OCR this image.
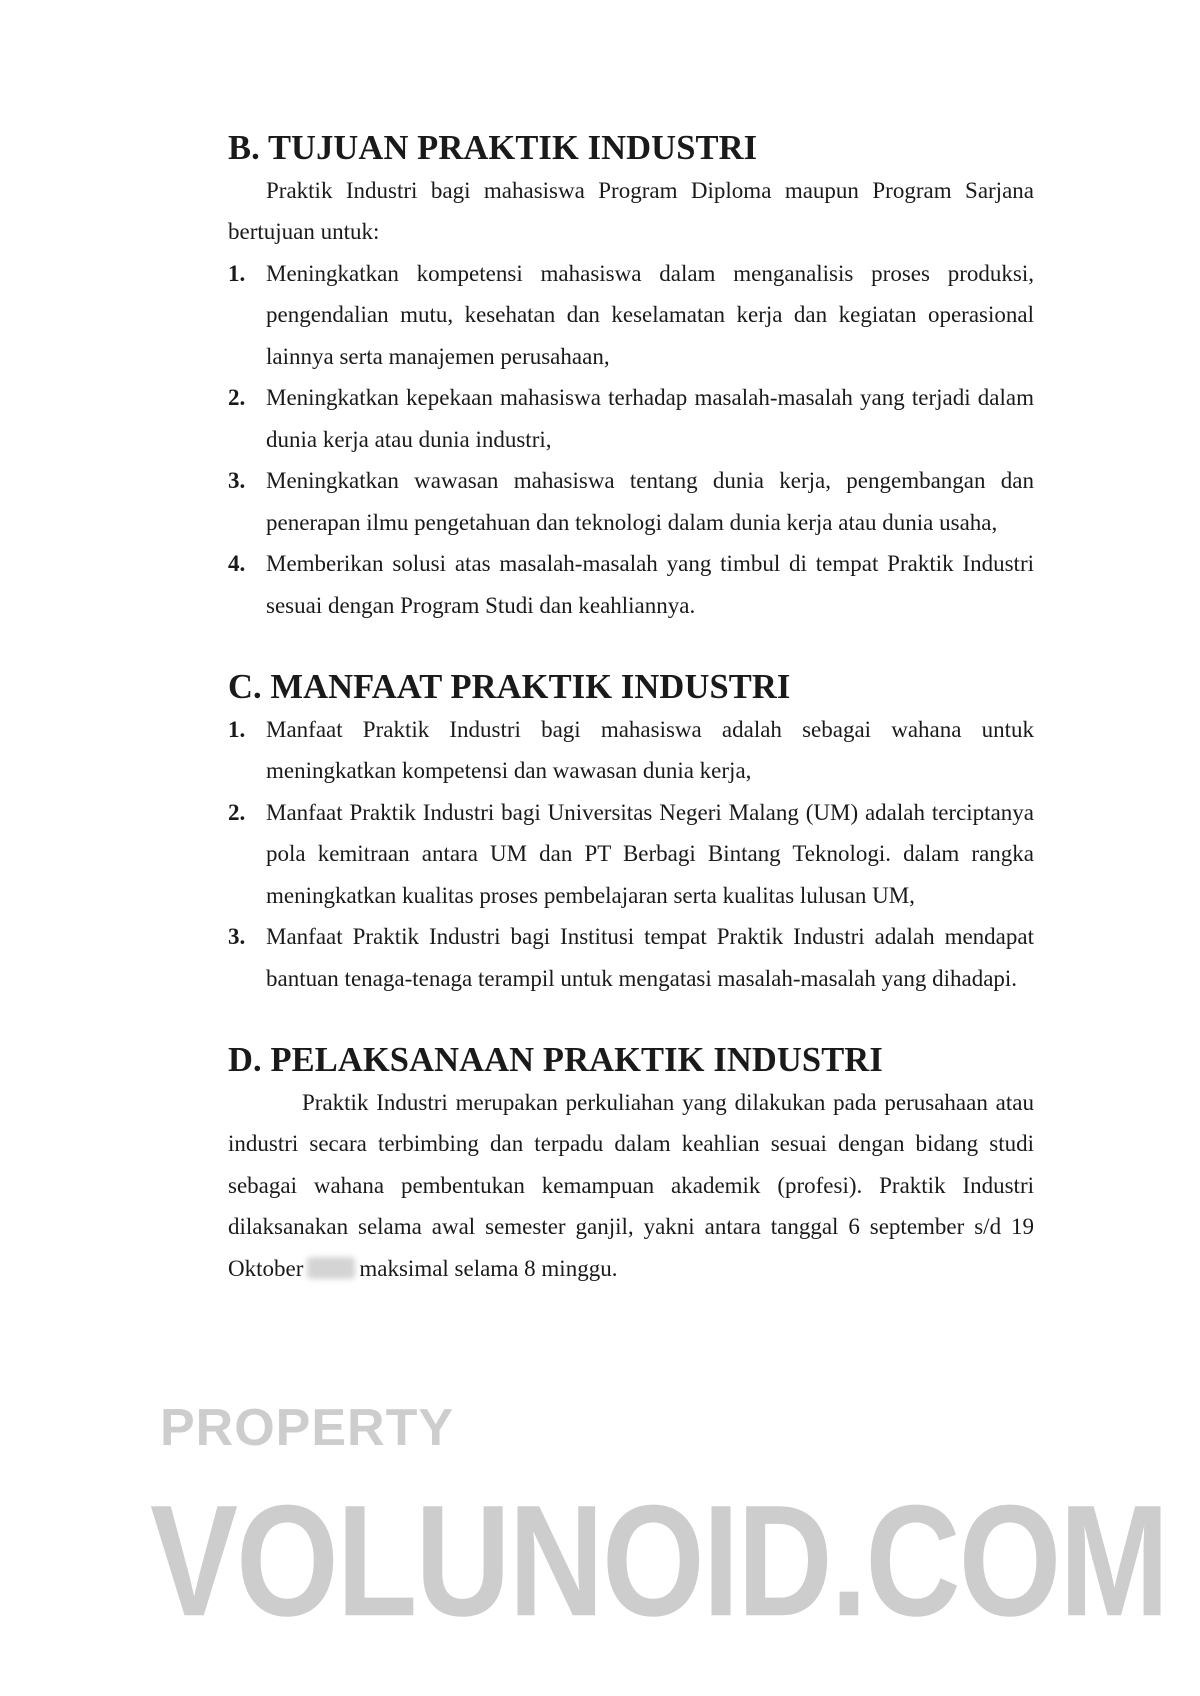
B. TUJUAN PRAKTIK INDUSTRI

Praktik Industri bagi mahasiswa Program Diploma maupun Program Sarjana bertujuan untuk:

1. Meningkatkan kompetensi mahasiswa dalam menganalisis proses produksi, pengendalian mutu, kesehatan dan keselamatan kerja dan kegiatan operasional lainnya serta manajemen perusahaan,
2. Meningkatkan kepekaan mahasiswa terhadap masalah-masalah yang terjadi dalam dunia kerja atau dunia industri,
3. Meningkatkan wawasan mahasiswa tentang dunia kerja, pengembangan dan penerapan ilmu pengetahuan dan teknologi dalam dunia kerja atau dunia usaha,
4. Memberikan solusi atas masalah-masalah yang timbul di tempat Praktik Industri sesuai dengan Program Studi dan keahliannya.
C. MANFAAT PRAKTIK INDUSTRI
1. Manfaat Praktik Industri bagi mahasiswa adalah sebagai wahana untuk meningkatkan kompetensi dan wawasan dunia kerja,
2. Manfaat Praktik Industri bagi Universitas Negeri Malang (UM) adalah terciptanya pola kemitraan antara UM dan PT Berbagi Bintang Teknologi. dalam rangka meningkatkan kualitas proses pembelajaran serta kualitas lulusan UM,
3. Manfaat Praktik Industri bagi Institusi tempat Praktik Industri adalah mendapat bantuan tenaga-tenaga terampil untuk mengatasi masalah-masalah yang dihadapi.
D. PELAKSANAAN PRAKTIK INDUSTRI

Praktik Industri merupakan perkuliahan yang dilakukan pada perusahaan atau industri secara terbimbing dan terpadu dalam keahlian sesuai dengan bidang studi sebagai wahana pembentukan kemampuan akademik (profesi). Praktik Industri dilaksanakan selama awal semester ganjil, yakni antara tanggal 6 september s/d 19 Oktober maksimal selama 8 minggu.

PROPERTY
VOLUNOID.COM
